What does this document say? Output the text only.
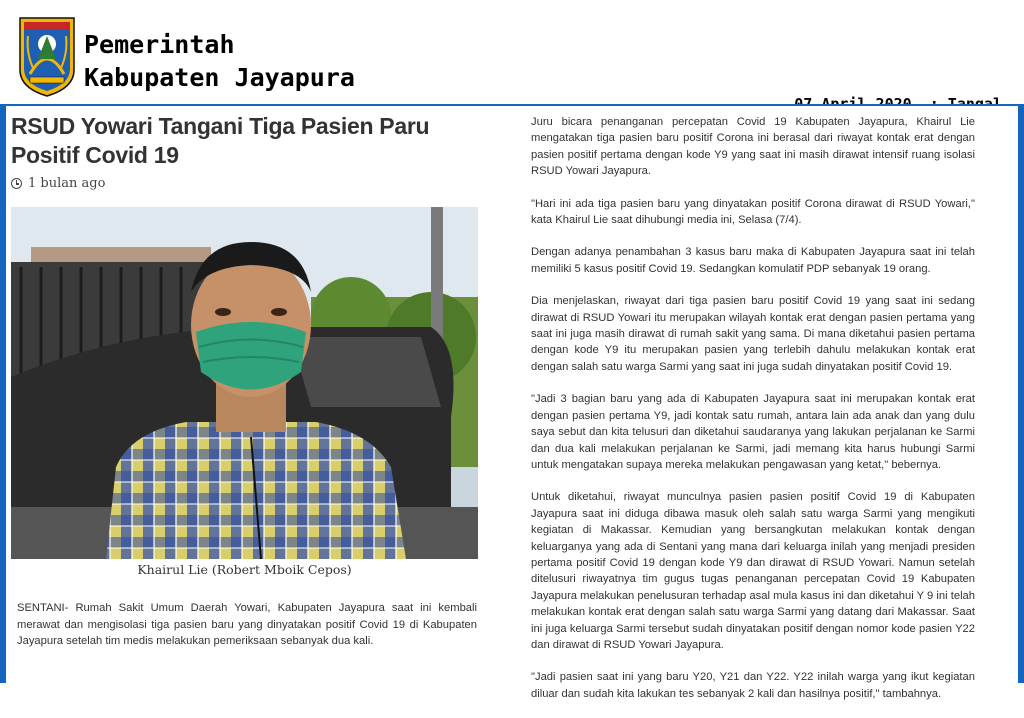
Pemerintah
Kabupaten Jayapura

RSUD Yowari Tangani Tiga Pasien Paru Positif Covid 19
1 bulan ago
Khairul Lie (Robert Mboik Cepos)

SENTANI- Rumah Sakit Umum Daerah Yowari, Kabupaten Jayapura saat ini kembali merawat dan mengisolasi tiga pasien baru yang dinyatakan positif Covid 19 di Kabupaten Jayapura setelah tim medis melakukan pemeriksaan sebanyak dua kali.

Juru bicara penanganan percepatan Covid 19 Kabupaten Jayapura, Khairul Lie mengatakan tiga pasien baru positif Corona ini berasal dari riwayat kontak erat dengan pasien positif pertama dengan kode Y9 yang saat ini masih dirawat intensif ruang isolasi RSUD Yowari Jayapura.

"Hari ini ada tiga pasien baru yang dinyatakan positif Corona dirawat di RSUD Yowari," kata Khairul Lie saat dihubungi media ini, Selasa (7/4).

Dengan adanya penambahan 3 kasus baru maka di Kabupaten Jayapura saat ini telah memiliki 5 kasus positif Covid 19. Sedangkan komulatif PDP sebanyak 19 orang.

Dia menjelaskan, riwayat dari tiga pasien baru positif Covid 19 yang saat ini sedang dirawat di RSUD Yowari itu merupakan wilayah kontak erat dengan pasien pertama yang saat ini juga masih dirawat di rumah sakit yang sama. Di mana diketahui pasien pertama dengan kode Y9 itu merupakan pasien yang terlebih dahulu melakukan kontak erat dengan salah satu warga Sarmi yang saat ini juga sudah dinyatakan positif Covid 19.

"Jadi 3 bagian baru yang ada di Kabupaten Jayapura saat ini merupakan kontak erat dengan pasien pertama Y9, jadi kontak satu rumah, antara lain ada anak dan yang dulu saya sebut dan kita telusuri dan diketahui saudaranya yang lakukan perjalanan ke Sarmi dan dua kali melakukan perjalanan ke Sarmi, jadi memang kita harus hubungi Sarmi untuk mengatakan supaya mereka melakukan pengawasan yang ketat," bebernya.

Untuk diketahui, riwayat munculnya pasien pasien positif Covid 19 di Kabupaten Jayapura saat ini diduga dibawa masuk oleh salah satu warga Sarmi yang mengikuti kegiatan di Makassar. Kemudian yang bersangkutan melakukan kontak dengan keluarganya yang ada di Sentani yang mana dari keluarga inilah yang menjadi presiden pertama positif Covid 19 dengan kode Y9 dan dirawat di RSUD Yowari. Namun setelah ditelusuri riwayatnya tim gugus tugas penanganan percepatan Covid 19 Kabupaten Jayapura melakukan penelusuran terhadap asal mula kasus ini dan diketahui Y 9 ini telah melakukan kontak erat dengan salah satu warga Sarmi yang datang dari Makassar. Saat ini juga keluarga Sarmi tersebut sudah dinyatakan positif dengan nomor kode pasien Y22 dan dirawat di RSUD Yowari Jayapura.

"Jadi pasien saat ini yang baru Y20, Y21 dan Y22. Y22 inilah warga yang ikut kegiatan diluar dan sudah kita lakukan tes sebanyak 2 kali dan hasilnya positif," tambahnya.
